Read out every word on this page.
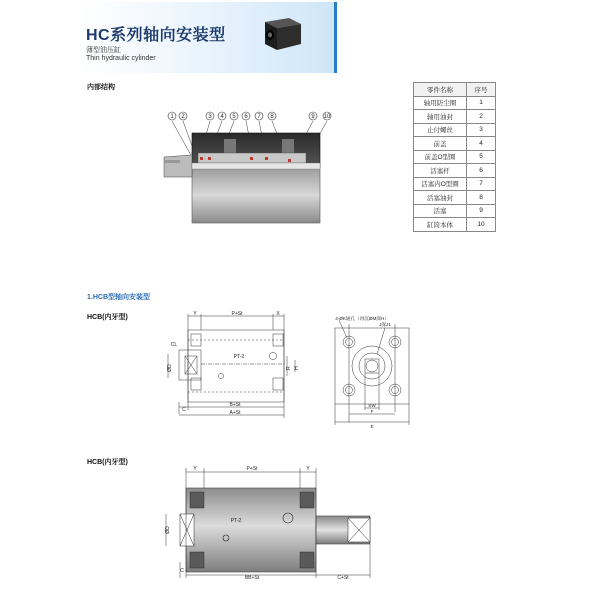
HC系列轴向安装型
薄型油压缸
Thin hydraulic cylinder
内部结构
1.HCB型轴向安装型
HCB(内牙型)
HCB(内牙型)
零件名称	序号
轴用防尘圈	1
轴用油封	2
止付螺丝	3
前盖	4
前盖O型圈	5
活塞杆	6
活塞内O型圈	7
活塞油封	8
活塞	9
缸筒本体	10
1 2	3 4 5 6 7 8	9 10
Y	P+St	X
CL
ØD
PT-2
R H
C
B+St
A+St
4-ØK通孔（再沉ØM深H）
J深J1
SW
F
E
Y	P+St	Y
ØD
PT-2
C
BB+St	C+St
